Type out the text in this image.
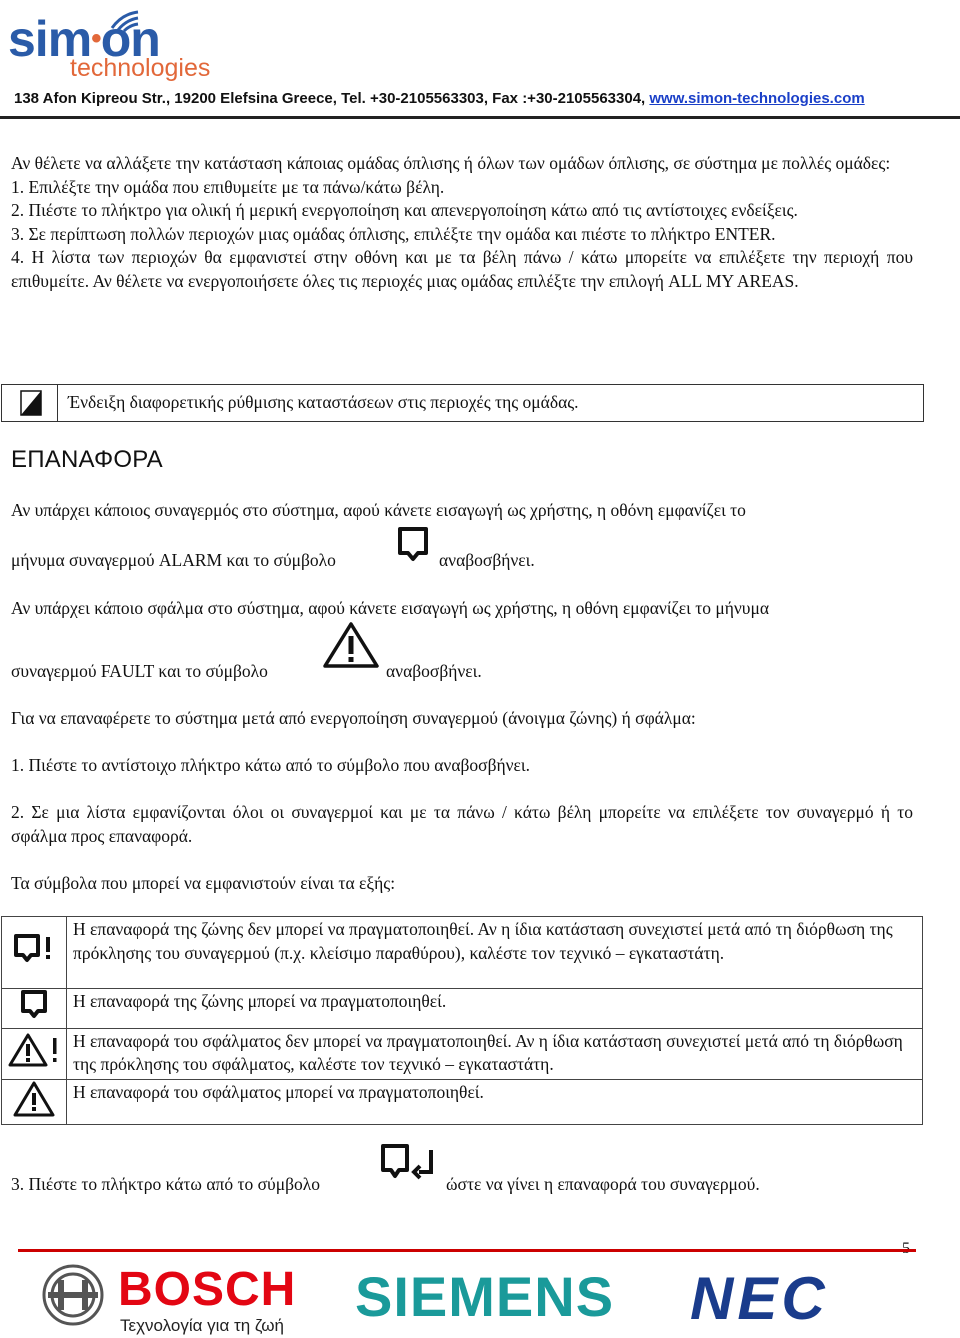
sim•on
technologies
138 Afon Kipreou Str., 19200 Elefsina Greece, Tel. +30-2105563303, Fax :+30-2105563304, www.simon-technologies.com

Αν θέλετε να αλλάξετε την κατάσταση κάποιας ομάδας όπλισης ή όλων των ομάδων όπλισης, σε σύστημα με πολλές ομάδες:

1. Επιλέξτε την ομάδα που επιθυμείτε με τα πάνω/κάτω βέλη.

2. Πιέστε το πλήκτρο για ολική ή μερική ενεργοποίηση και απενεργοποίηση κάτω από τις αντίστοιχες ενδείξεις.

3. Σε περίπτωση πολλών περιοχών μιας ομάδας όπλισης, επιλέξτε την ομάδα και πιέστε το πλήκτρο ENTER.

4. Η λίστα των περιοχών θα εμφανιστεί στην οθόνη και με τα βέλη πάνω / κάτω μπορείτε να επιλέξετε την περιοχή που επιθυμείτε. Αν θέλετε να ενεργοποιήσετε όλες τις περιοχές μιας ομάδας επιλέξτε την επιλογή ALL MY AREAS.

Ένδειξη διαφορετικής ρύθμισης καταστάσεων στις περιοχές της ομάδας.
ΕΠΑΝΑΦΟΡΑ

Αν υπάρχει κάποιος συναγερμός στο σύστημα, αφού κάνετε εισαγωγή ως χρήστης, η οθόνη εμφανίζει το

μήνυμα συναγερμού ALARM και το σύμβολο	αναβοσβήνει.

Αν υπάρχει κάποιο σφάλμα στο σύστημα, αφού κάνετε εισαγωγή ως χρήστης, η οθόνη εμφανίζει το μήνυμα

συναγερμού FAULT και το σύμβολο	αναβοσβήνει.

Για να επαναφέρετε το σύστημα μετά από ενεργοποίηση συναγερμού (άνοιγμα ζώνης) ή σφάλμα:

1. Πιέστε το αντίστοιχο πλήκτρο κάτω από το σύμβολο που αναβοσβήνει.

2. Σε μια λίστα εμφανίζονται όλοι οι συναγερμοί και με τα πάνω / κάτω βέλη μπορείτε να επιλέξετε τον συναγερμό ή το σφάλμα προς επαναφορά.

Τα σύμβολα που μπορεί να εμφανιστούν είναι τα εξής:

	Η επαναφορά της ζώνης δεν μπορεί να πραγματοποιηθεί. Αν η ίδια κατάσταση συνεχιστεί μετά από τη διόρθωση της πρόκλησης του συναγερμού (π.χ. κλείσιμο παραθύρου), καλέστε τον τεχνικό – εγκαταστάτη.
	Η επαναφορά της ζώνης μπορεί να πραγματοποιηθεί.
	Η επαναφορά του σφάλματος δεν μπορεί να πραγματοποιηθεί. Αν η ίδια κατάσταση συνεχιστεί μετά από τη διόρθωση της πρόκλησης του σφάλματος, καλέστε τον τεχνικό – εγκαταστάτη.
	Η επαναφορά του σφάλματος μπορεί να πραγματοποιηθεί.
3. Πιέστε το πλήκτρο κάτω από το σύμβολο	ώστε να γίνει η επαναφορά του συναγερμού.
BOSCH
Τεχνολογία για τη ζωή SIEMENS NEC
